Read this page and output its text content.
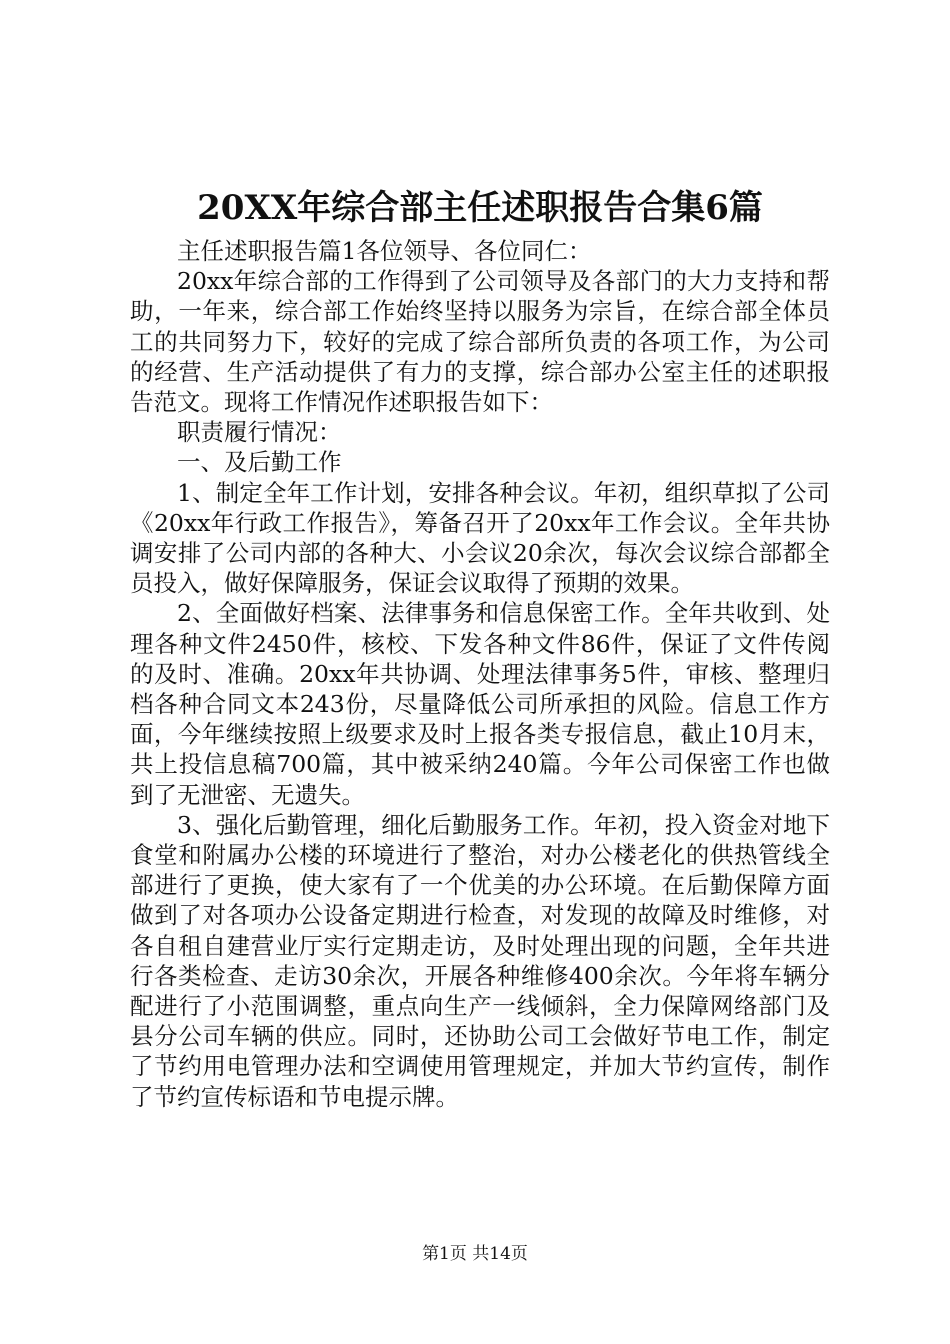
20XX年综合部主任述职报告合集6篇

主任述职报告篇1各位领导、各位同仁：

20xx年综合部的工作得到了公司领导及各部门的大力支持和帮助，一年来，综合部工作始终坚持以服务为宗旨，在综合部全体员工的共同努力下，较好的完成了综合部所负责的各项工作，为公司的经营、生产活动提供了有力的支撑，综合部办公室主任的述职报告范文。现将工作情况作述职报告如下：

职责履行情况：

一、及后勤工作

1、制定全年工作计划，安排各种会议。年初，组织草拟了公司《20xx年行政工作报告》，筹备召开了20xx年工作会议。全年共协调安排了公司内部的各种大、小会议20余次，每次会议综合部都全员投入，做好保障服务，保证会议取得了预期的效果。

2、全面做好档案、法律事务和信息保密工作。全年共收到、处理各种文件2450件，核校、下发各种文件86件，保证了文件传阅的及时、准确。20xx年共协调、处理法律事务5件，审核、整理归档各种合同文本243份，尽量降低公司所承担的风险。信息工作方面，今年继续按照上级要求及时上报各类专报信息，截止10月末，共上投信息稿700篇，其中被采纳240篇。今年公司保密工作也做到了无泄密、无遗失。

3、强化后勤管理，细化后勤服务工作。年初，投入资金对地下食堂和附属办公楼的环境进行了整治，对办公楼老化的供热管线全部进行了更换，使大家有了一个优美的办公环境。在后勤保障方面做到了对各项办公设备定期进行检查，对发现的故障及时维修，对各自租自建营业厅实行定期走访，及时处理出现的问题，全年共进行各类检查、走访30余次，开展各种维修400余次。今年将车辆分配进行了小范围调整，重点向生产一线倾斜，全力保障网络部门及县分公司车辆的供应。同时，还协助公司工会做好节电工作，制定了节约用电管理办法和空调使用管理规定，并加大节约宣传，制作了节约宣传标语和节电提示牌。

第1页 共14页
